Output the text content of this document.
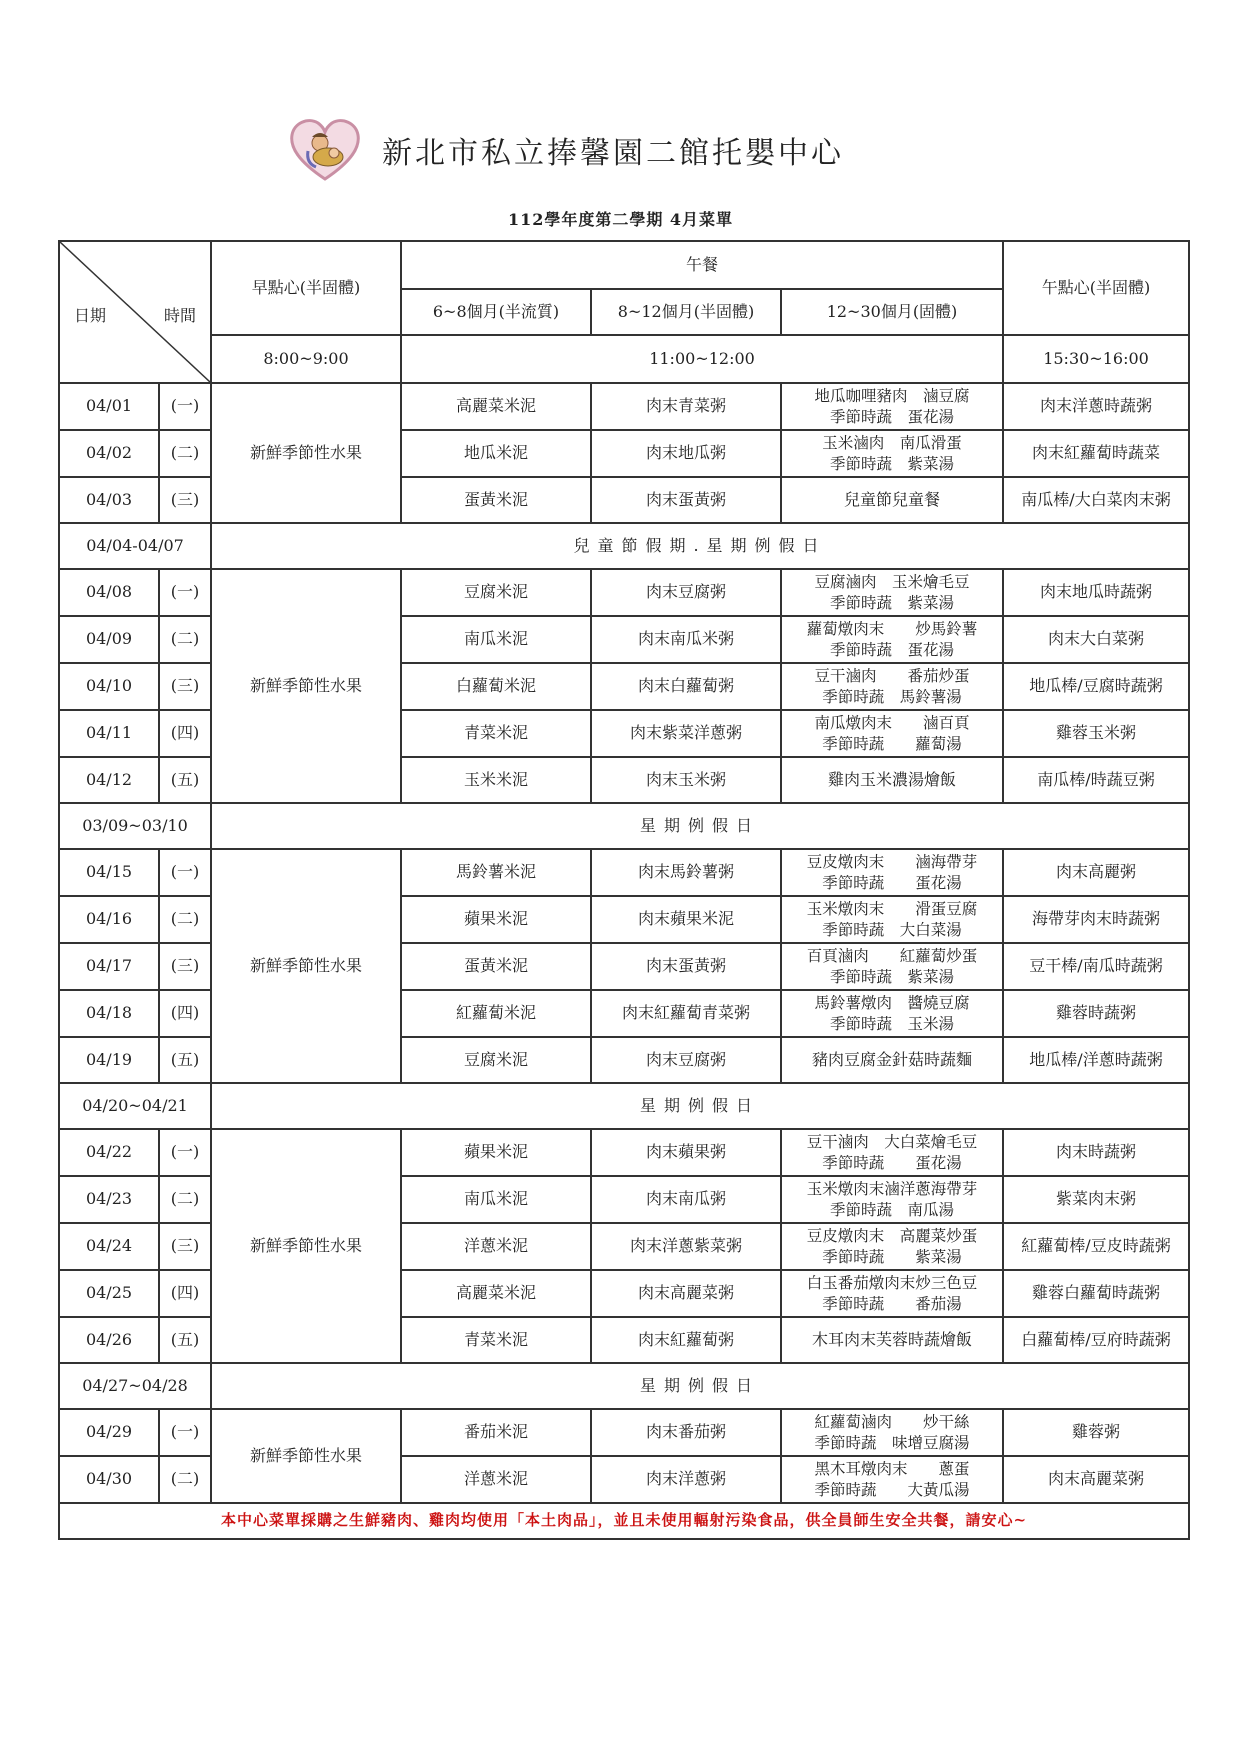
新北市私立捧馨園二館托嬰中心
112學年度第二學期 4月菜單
日期 時間		早點心(半固體)	午餐			午點心(半固體)
			6~8個月(半流質)	8~12個月(半固體)	12~30個月(固體)	
		8:00~9:00	11:00~12:00			15:30~16:00
04/01	(一)	新鮮季節性水果	高麗菜米泥	肉末青菜粥	地瓜咖哩豬肉　滷豆腐
季節時蔬　蛋花湯	肉末洋蔥時蔬粥
04/02	(二)		地瓜米泥	肉末地瓜粥	玉米滷肉　南瓜滑蛋
季節時蔬　紫菜湯	肉末紅蘿蔔時蔬菜
04/03	(三)		蛋黃米泥	肉末蛋黃粥	兒童節兒童餐	南瓜棒/大白菜肉末粥
04/04-04/07		兒童節假期.星期例假日				
04/08	(一)	新鮮季節性水果	豆腐米泥	肉末豆腐粥	豆腐滷肉　玉米燴毛豆
季節時蔬　紫菜湯	肉末地瓜時蔬粥
04/09	(二)		南瓜米泥	肉末南瓜米粥	蘿蔔燉肉末　　炒馬鈴薯
季節時蔬　蛋花湯	肉末大白菜粥
04/10	(三)		白蘿蔔米泥	肉末白蘿蔔粥	豆干滷肉　　番茄炒蛋
季節時蔬　馬鈴薯湯	地瓜棒/豆腐時蔬粥
04/11	(四)		青菜米泥	肉末紫菜洋蔥粥	南瓜燉肉末　　滷百頁
季節時蔬　　蘿蔔湯	雞蓉玉米粥
04/12	(五)		玉米米泥	肉末玉米粥	雞肉玉米濃湯燴飯	南瓜棒/時蔬豆粥
03/09~03/10		星期例假日				
04/15	(一)	新鮮季節性水果	馬鈴薯米泥	肉末馬鈴薯粥	豆皮燉肉末　　滷海帶芽
季節時蔬　　蛋花湯	肉末高麗粥
04/16	(二)		蘋果米泥	肉末蘋果米泥	玉米燉肉末　　滑蛋豆腐
季節時蔬　大白菜湯	海帶芽肉末時蔬粥
04/17	(三)		蛋黃米泥	肉末蛋黃粥	百頁滷肉　　紅蘿蔔炒蛋
季節時蔬　紫菜湯	豆干棒/南瓜時蔬粥
04/18	(四)		紅蘿蔔米泥	肉末紅蘿蔔青菜粥	馬鈴薯燉肉　醬燒豆腐
季節時蔬　玉米湯	雞蓉時蔬粥
04/19	(五)		豆腐米泥	肉末豆腐粥	豬肉豆腐金針菇時蔬麵	地瓜棒/洋蔥時蔬粥
04/20~04/21		星期例假日				
04/22	(一)	新鮮季節性水果	蘋果米泥	肉末蘋果粥	豆干滷肉　大白菜燴毛豆
季節時蔬　　蛋花湯	肉末時蔬粥
04/23	(二)		南瓜米泥	肉末南瓜粥	玉米燉肉末滷洋蔥海帶芽
季節時蔬　南瓜湯	紫菜肉末粥
04/24	(三)		洋蔥米泥	肉末洋蔥紫菜粥	豆皮燉肉末　高麗菜炒蛋
季節時蔬　　紫菜湯	紅蘿蔔棒/豆皮時蔬粥
04/25	(四)		高麗菜米泥	肉末高麗菜粥	白玉番茄燉肉末炒三色豆
季節時蔬　　番茄湯	雞蓉白蘿蔔時蔬粥
04/26	(五)		青菜米泥	肉末紅蘿蔔粥	木耳肉末芙蓉時蔬燴飯	白蘿蔔棒/豆府時蔬粥
04/27~04/28		星期例假日				
04/29	(一)	新鮮季節性水果	番茄米泥	肉末番茄粥	紅蘿蔔滷肉　　炒干絲
季節時蔬　味增豆腐湯	雞蓉粥
04/30	(二)		洋蔥米泥	肉末洋蔥粥	黑木耳燉肉末　　蔥蛋
季節時蔬　　大黃瓜湯	肉末高麗菜粥
本中心菜單採購之生鮮豬肉、雞肉均使用「本土肉品」，並且未使用輻射污染食品，供全員師生安全共餐，請安心~						
